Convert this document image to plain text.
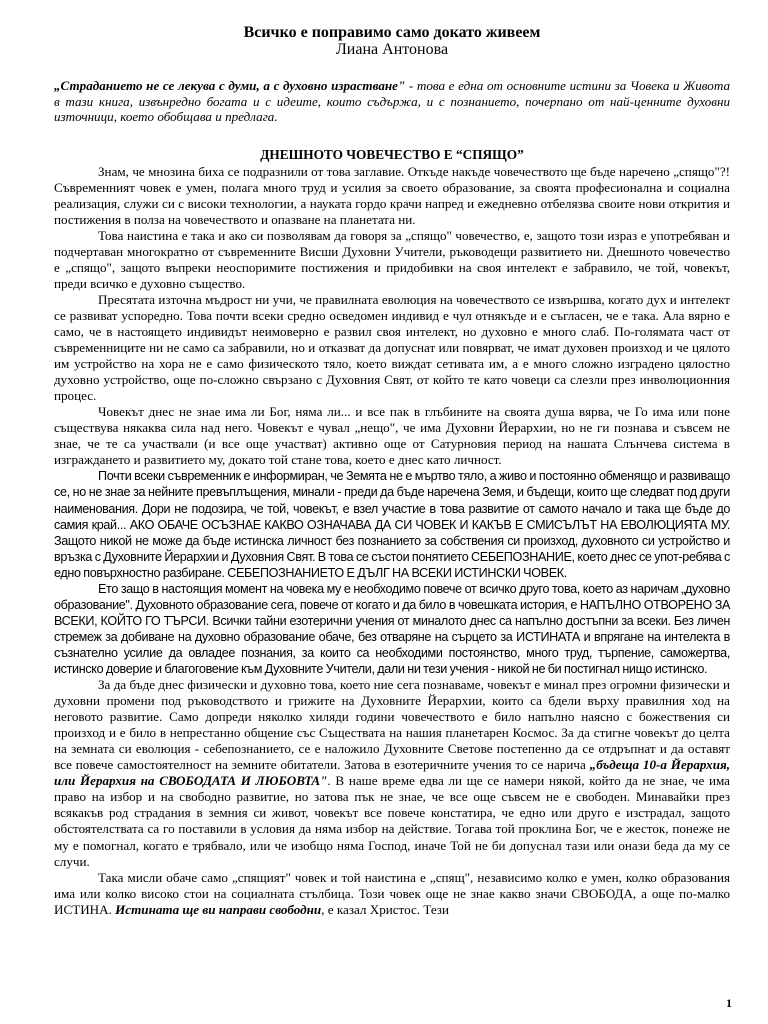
Всичко е поправимо само докато живеем
Лиана Антонова

„Страданието не се лекува с думи, а с духовно израстване" - това е една от основните истини за Човека и Живота в тази книга, извънредно богата и с идеите, които съдържа, и с познанието, почерпано от най-ценните духовни източници, което обобщава и предлага.

ДНЕШНОТО ЧОВЕЧЕСТВО Е “СПЯЩО”

Знам, че мнозина биха се подразнили от това заглавие. Откъде накъде човечеството ще бъде наречено „спящо"?! Съвременният човек е умен, полага много труд и усилия за своето образование, за своята професионална и социална реализация, служи си с високи технологии, а науката гордо крачи напред и ежедневно отбелязва своите нови открития и постижения в полза на човечеството и опазване на планетата ни.

Това наистина е така и ако си позволявам да говоря за „спящо" човечество, е, защото този израз е употребяван и подчертаван многократно от съвременните Висши Духовни Учители, ръководещи развитието ни. Днешното човечество е „спящо", защото въпреки неоспоримите постижения и придобивки на своя интелект е забравило, че той, човекът, преди всичко е духовно същество.

Пресятата източна мъдрост ни учи, че правилната еволюция на човечеството се извършва, когато дух и интелект се развиват успоредно. Това почти всеки средно осведомен индивид е чул отнякъде и е съгласен, че е така. Ала вярно е само, че в настоящето индивидът неимоверно е развил своя интелект, но духовно е много слаб. По-голямата част от съвременниците ни не само са забравили, но и отказват да допуснат или повярват, че имат духовен произход и че цялото им устройство на хора не е само физическото тяло, което виждат сетивата им, а е много сложно изградено цялостно духовно устройство, още по-сложно свързано с Духовния Свят, от който те като човеци са слезли през инволюционния процес.

Човекът днес не знае има ли Бог, няма ли... и все пак в глъбините на своята душа вярва, че Го има или поне съществува някаква сила над него. Човекът е чувал „нещо", че има Духовни Йерархии, но не ги познава и съвсем не знае, че те са участвали (и все още участват) активно още от Сатурновия период на нашата Слънчева система в изграждането и развитието му, докато той стане това, което е днес като личност.

Почти всеки съвременник е информиран, че Земята не е мъртво тяло, а живо и постоянно обменящо и развиващо се, но не знае за нейните превъплъщения, минали - преди да бъде наречена Земя, и бъдещи, които ще следват под други наименования. Дори не подозира, че той, човекът, е взел участие в това развитие от самото начало и така ще бъде до самия край... АКО ОБАЧЕ ОСЪЗНАЕ КАКВО ОЗНАЧАВА ДА СИ ЧОВЕК И КАКЪВ Е СМИСЪЛЪТ НА ЕВОЛЮЦИЯТА МУ. Защото никой не може да бъде истинска личност без познанието за собствения си произход, духовното си устройство и връзка с Духовните Йерархии и Духовния Свят. В това се състои понятието СЕБЕПОЗНАНИЕ, което днес се упот-ребява с едно повърхностно разбиране. СЕБЕПОЗНАНИЕТО Е ДЪЛГ НА ВСЕКИ ИСТИНСКИ ЧОВЕК.

Ето защо в настоящия момент на човека му е необходимо повече от всичко друго това, което аз наричам „духовно образование". Духовното образование сега, повече от когато и да било в човешката история, е НАПЪЛНО ОТВОРЕНО ЗА ВСЕКИ, КОЙТО ГО ТЪРСИ. Всички тайни езотерични учения от миналото днес са напълно достъпни за всеки. Без личен стремеж за добиване на духовно образование обаче, без отваряне на сърцето за ИСТИНАТА и впрягане на интелекта в съзнателно усилие да овладее познания, за които са необходими постоянство, много труд, търпение, саможертва, истинско доверие и благоговение към Духовните Учители, дали ни тези учения - никой не би постигнал нищо истинско.

За да бъде днес физически и духовно това, което ние сега познаваме, човекът е минал през огромни физически и духовни промени под ръководството и грижите на Духовните Йерархии, които са бдели върху правилния ход на неговото развитие. Само допреди няколко хиляди години човечеството е било напълно наясно с божествения си произход и е било в непрестанно общение със Съществата на нашия планетарен Космос. За да стигне човекът до целта на земната си еволюция - себепознанието, се е наложило Духовните Светове постепенно да се отдръпнат и да оставят все повече самостоятелност на земните обитатели. Затова в езотеричните учения то се нарича „бъдеща 10-а Йерархия, или Йерархия на СВОБОДАТА И ЛЮБОВТА". В наше време едва ли ще се намери някой, който да не знае, че има право на избор и на свободно развитие, но затова пък не знае, че все още съвсем не е свободен. Минавайки през всякакъв род страдания в земния си живот, човекът все повече констатира, че едно или друго е изстрадал, защото обстоятелствата са го поставили в условия да няма избор на действие. Тогава той проклина Бог, че е жесток, понеже не му е помогнал, когато е трябвало, или че изобщо няма Господ, иначе Той не би допуснал тази или онази беда да му се случи.

Така мисли обаче само „спящият" човек и той наистина е „спящ", независимо колко е умен, колко образования има или колко високо стои на социалната стълбица. Този човек още не знае какво значи СВОБОДА, а още по-малко ИСТИНА. Истината ще ви направи свободни, е казал Христос. Тези

1
